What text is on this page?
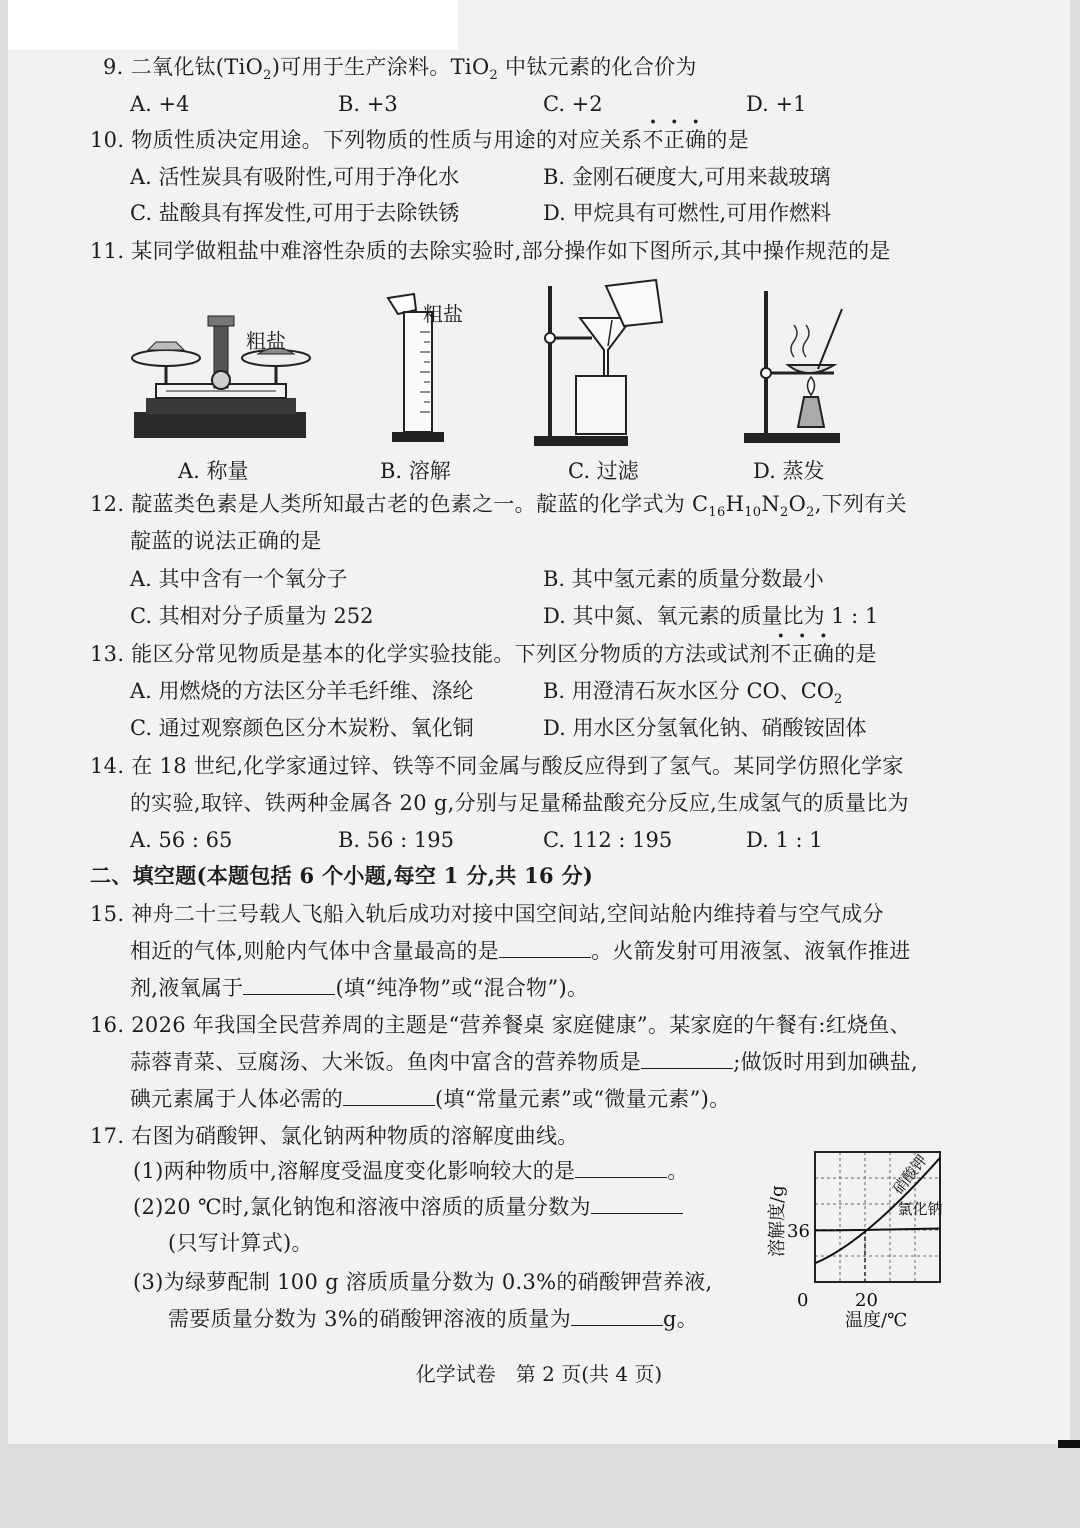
9. 二氧化钛(TiO$_2$)可用于生产涂料。TiO$_2$ 中钛元素的化合价为
A. +4	B. +3	C. +2	D. +1
10. 物质性质决定用途。下列物质的性质与用途的对应关系不正确的是
A. 活性炭具有吸附性,可用于净化水	B. 金刚石硬度大,可用来裁玻璃
C. 盐酸具有挥发性,可用于去除铁锈	D. 甲烷具有可燃性,可用作燃料
11. 某同学做粗盐中难溶性杂质的去除实验时,部分操作如下图所示,其中操作规范的是
粗盐
粗盐
C. 过滤	D. 蒸发
A. 称量	B. 溶解
12. 靛蓝类色素是人类所知最古老的色素之一。靛蓝的化学式为 $C_{16}H_{10}N_2O_2$,下列有关
靛蓝的说法正确的是
A. 其中含有一个氧分子	B. 其中氢元素的质量分数最小
C. 其相对分子质量为 252	D. 其中氮、氧元素的质量比为 1 : 1
13. 能区分常见物质是基本的化学实验技能。下列区分物质的方法或试剂不正确的是
A. 用燃烧的方法区分羊毛纤维、涤纶	B. 用澄清石灰水区分 CO、$CO_2$
C. 通过观察颜色区分木炭粉、氧化铜	D. 用水区分氢氧化钠、硝酸铵固体
14. 在 18 世纪,化学家通过锌、铁等不同金属与酸反应得到了氢气。某同学仿照化学家
的实验,取锌、铁两种金属各 20 g,分别与足量稀盐酸充分反应,生成氢气的质量比为
A. 56 : 65	B. 56 : 195	C. 112 : 195	D. 1 : 1
二、填空题(本题包括 6 个小题,每空 1 分,共 16 分)
15. 神舟二十三号载人飞船入轨后成功对接中国空间站,空间站舱内维持着与空气成分
相近的气体,则舱内气体中含量最高的是	。火箭发射可用液氢、液氧作推进
剂,液氧属于	(填“纯净物”或“混合物”)。
16. 2026 年我国全民营养周的主题是“营养餐桌 家庭健康”。某家庭的午餐有:红烧鱼、
蒜蓉青菜、豆腐汤、大米饭。鱼肉中富含的营养物质是	;做饭时用到加碘盐,
碘元素属于人体必需的	(填“常量元素”或“微量元素”)。
17. 右图为硝酸钾、氯化钠两种物质的溶解度曲线。
(1)两种物质中,溶解度受温度变化影响较大的是	。
(2)20 ℃时,氯化钠饱和溶液中溶质的质量分数为
(只写计算式)。
(3)为绿萝配制 100 g 溶质质量分数为 0.3%的硝酸钾营养液,
需要质量分数为 3%的硝酸钾溶液的质量为	g。
硝酸钾
氯化钠
0	20
36
温度/℃
溶解度/g
化学试卷　第 2 页(共 4 页)
